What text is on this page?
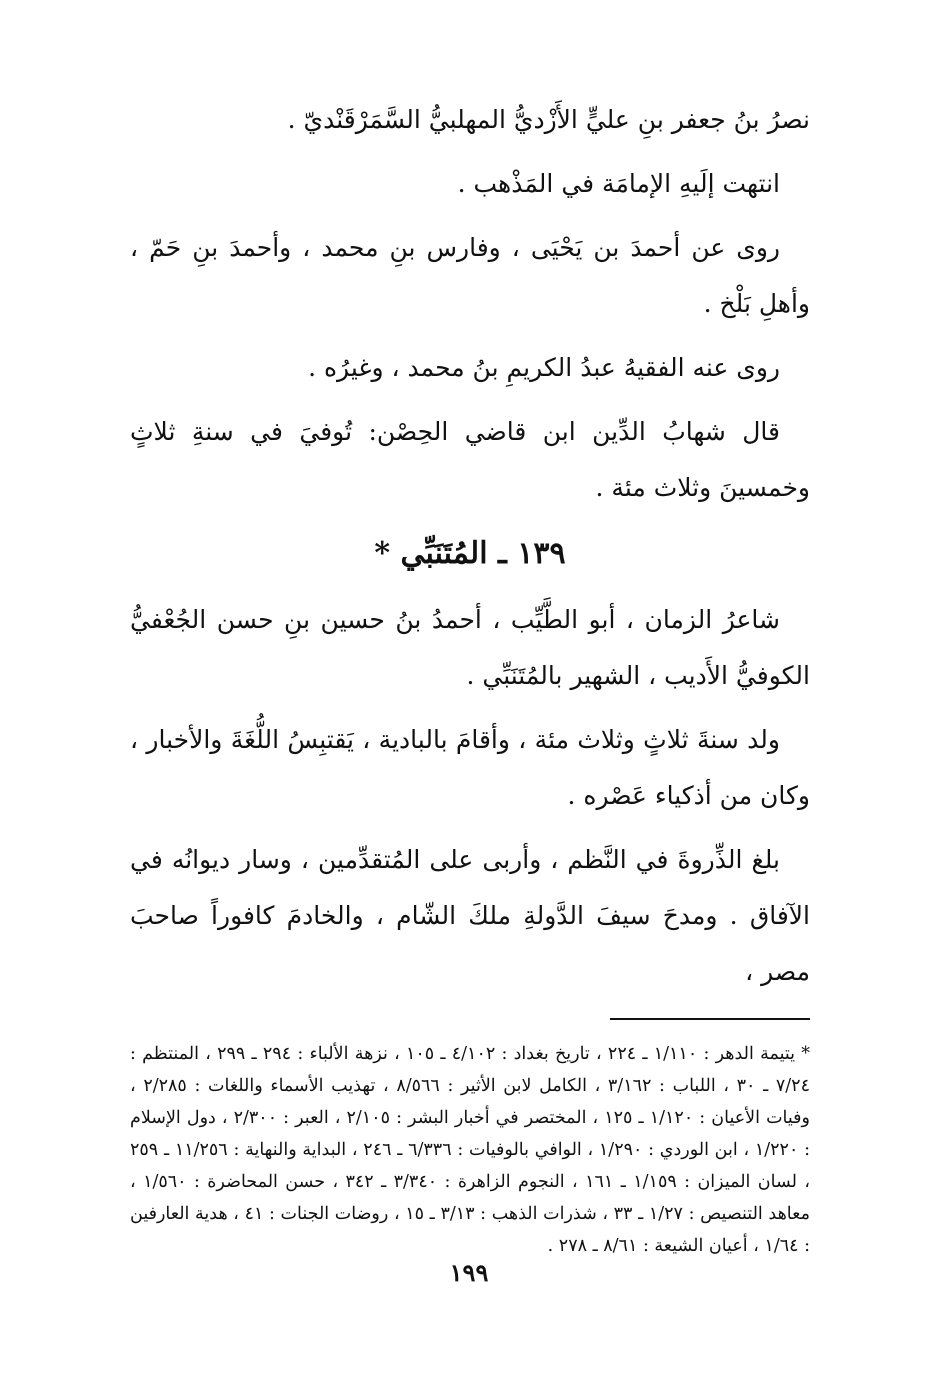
نصرُ بنُ جعفر بنِ عليٍّ الأَزْديُّ المهلبيُّ السَّمَرْقَنْديّ .

انتهت إلَيهِ الإمامَة في المَذْهب .

روى عن أحمدَ بن يَحْيَى ، وفارس بنِ محمد ، وأحمدَ بنِ حَمّ ، وأهلِ بَلْخ .

روى عنه الفقيهُ عبدُ الكريمِ بنُ محمد ، وغيرُه .

قال شهابُ الدِّين ابن قاضي الحِصْن: تُوفيَ في سنةِ ثلاثٍ وخمسينَ وثلاث مئة .

١٣٩ ـ المُتَنَبِّي *

شاعرُ الزمان ، أبو الطَّيِّب ، أحمدُ بنُ حسين بنِ حسن الجُعْفيُّ الكوفيُّ الأَديب ، الشهير بالمُتَنَبِّي .

ولد سنةَ ثلاثٍ وثلاث مئة ، وأقامَ بالبادية ، يَقتبِسُ اللُّغَةَ والأخبار ، وكان من أذكياء عَصْره .

بلغ الذِّروةَ في النَّظم ، وأربى على المُتقدِّمين ، وسار ديوانُه في الآفاق . ومدحَ سيفَ الدَّولةِ ملكَ الشّام ، والخادمَ كافوراً صاحبَ مصر ،

* يتيمة الدهر : ١/١١٠ ـ ٢٢٤ ، تاريخ بغداد : ٤/١٠٢ ـ ١٠٥ ، نزهة الألباء : ٢٩٤ ـ ٢٩٩ ، المنتظم : ٧/٢٤ ـ ٣٠ ، اللباب : ٣/١٦٢ ، الكامل لابن الأثير : ٨/٥٦٦ ، تهذيب الأسماء واللغات : ٢/٢٨٥ ، وفيات الأعيان : ١/١٢٠ ـ ١٢٥ ، المختصر في أخبار البشر : ٢/١٠٥ ، العبر : ٢/٣٠٠ ، دول الإسلام : ١/٢٢٠ ، ابن الوردي : ١/٢٩٠ ، الوافي بالوفيات : ٦/٣٣٦ ـ ٢٤٦ ، البداية والنهاية : ١١/٢٥٦ ـ ٢٥٩ ، لسان الميزان : ١/١٥٩ ـ ١٦١ ، النجوم الزاهرة : ٣/٣٤٠ ـ ٣٤٢ ، حسن المحاضرة : ١/٥٦٠ ، معاهد التنصيص : ١/٢٧ ـ ٣٣ ، شذرات الذهب : ٣/١٣ ـ ١٥ ، روضات الجنات : ٤١ ، هدية العارفين : ١/٦٤ ، أعيان الشيعة : ٨/٦١ ـ ٢٧٨ .

١٩٩
